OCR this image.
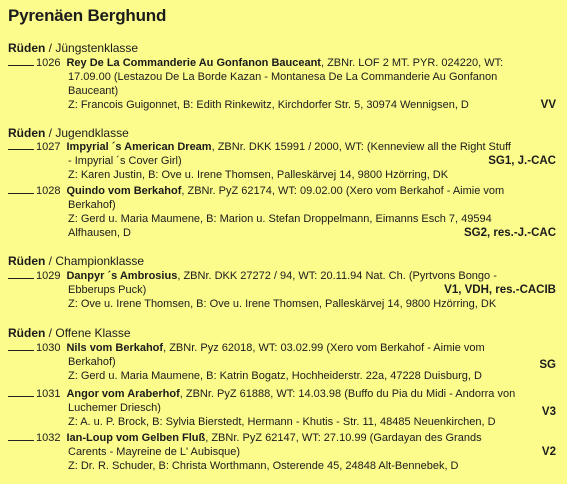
Pyrenäen Berghund
Rüden / Jüngstenklasse
1026 Rey De La Commanderie Au Gonfanon Bauceant, ZBNr. LOF 2 MT. PYR. 024220, WT:
17.09.00 (Lestazou De La Borde Kazan - Montanesa De La Commanderie Au Gonfanon
Bauceant)
Z: Francois Guigonnet, B: Edith Rinkewitz, Kirchdorfer Str. 5, 30974 Wennigsen, D	VV
Rüden / Jugendklasse
1027 Impyrial ´s American Dream, ZBNr. DKK 15991 / 2000, WT: (Kenneview all the Right Stuff
- Impyrial ´s Cover Girl)	SG1, J.-CAC
Z: Karen Justin, B: Ove u. Irene Thomsen, Palleskärvej 14, 9800 Hzörring, DK
1028 Quindo vom Berkahof, ZBNr. PyZ 62174, WT: 09.02.00 (Xero vom Berkahof - Aimie vom
Berkahof)
Z: Gerd u. Maria Maumene, B: Marion u. Stefan Droppelmann, Eimanns Esch 7, 49594
Alfhausen, D	SG2, res.-J.-CAC
Rüden / Championklasse
1029 Danpyr ´s Ambrosius, ZBNr. DKK 27272 / 94, WT: 20.11.94 Nat. Ch. (Pyrtvons Bongo -
Ebberups Puck)	V1, VDH, res.-CACIB
Z: Ove u. Irene Thomsen, B: Ove u. Irene Thomsen, Palleskärvej 14, 9800 Hzörring, DK
Rüden / Offene Klasse
1030 Nils vom Berkahof, ZBNr. Pyz 62018, WT: 03.02.99 (Xero vom Berkahof - Aimie vom
Berkahof)	SG
Z: Gerd u. Maria Maumene, B: Katrin Bogatz, Hochheiderstr. 22a, 47228 Duisburg, D
1031 Angor vom Araberhof, ZBNr. PyZ 61888, WT: 14.03.98 (Buffo du Pia du Midi - Andorra von
Luchemer Driesch)	V3
Z: A. u. P. Brock, B: Sylvia Bierstedt, Hermann - Khutis - Str. 11, 48485 Neuenkirchen, D
1032 Ian-Loup vom Gelben Fluß, ZBNr. PyZ 62147, WT: 27.10.99 (Gardayan des Grands
Carents - Mayreine de L' Aubisque)	V2
Z: Dr. R. Schuder, B: Christa Worthmann, Osterende 45, 24848 Alt-Bennebek, D
